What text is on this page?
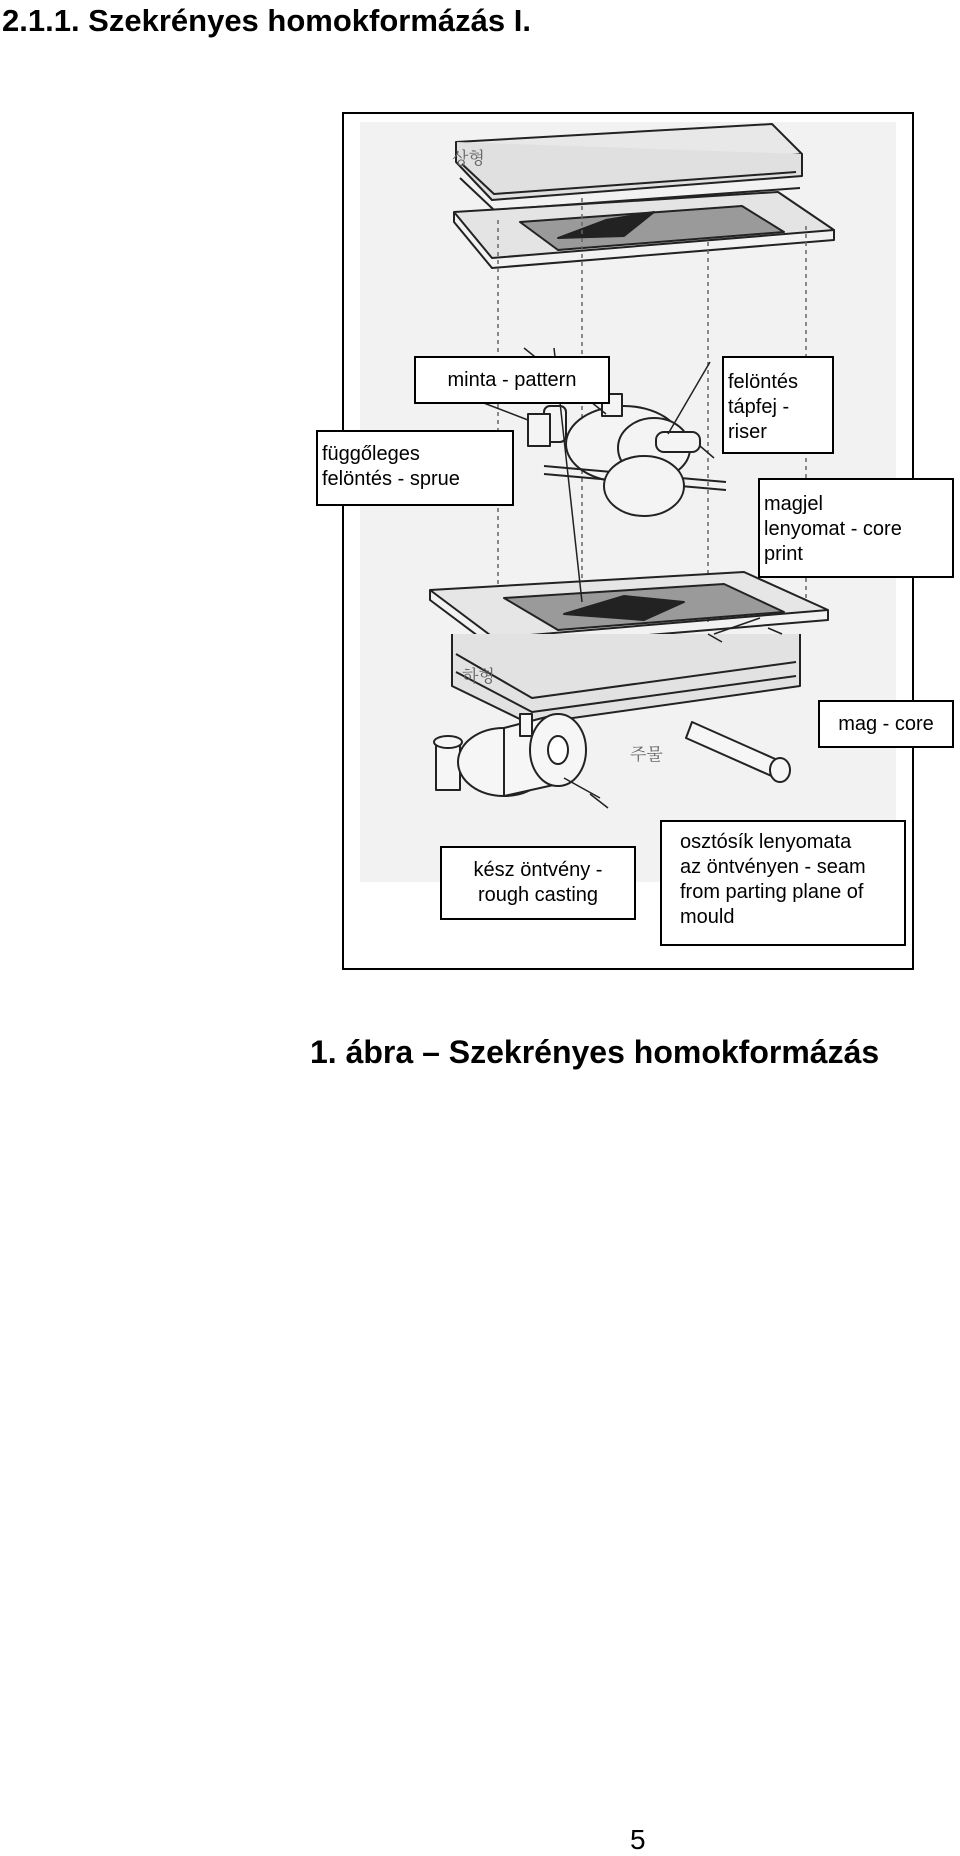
2.1.1. Szekrényes homokformázás I.
상형
하형
주물
minta - pattern
függőleges
felöntés - sprue
felöntés
tápfej -
riser
magjel
lenyomat - core
print
mag - core
kész öntvény -
rough casting
osztósík lenyomata
az öntvényen - seam
from parting plane of
mould
1. ábra – Szekrényes homokformázás
5
